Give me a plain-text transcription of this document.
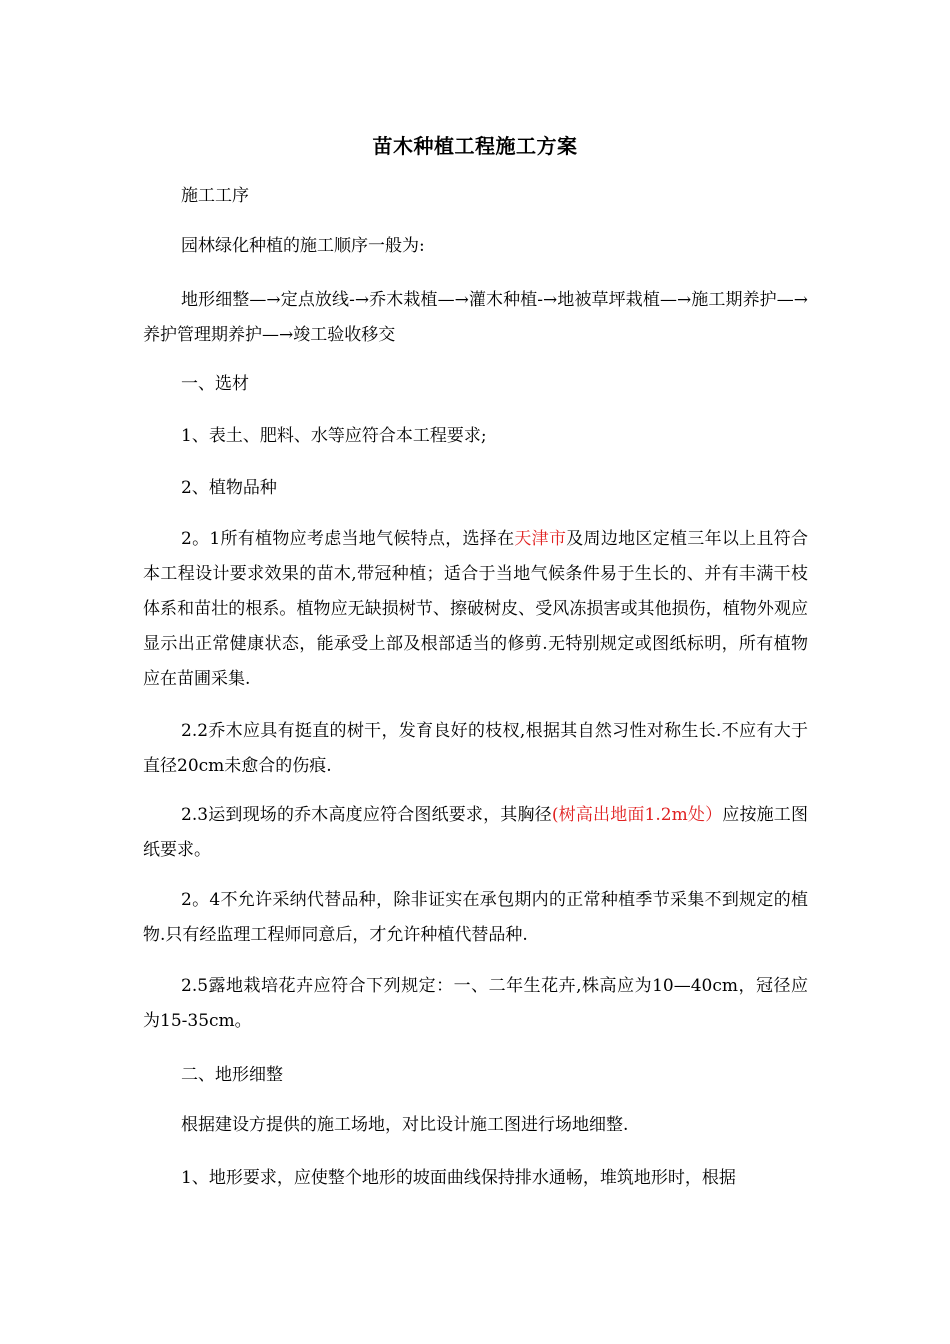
苗木种植工程施工方案

施工工序

园林绿化种植的施工顺序一般为:

地形细整—→定点放线-→乔木栽植—→灌木种植-→地被草坪栽植—→施工期养护—→养护管理期养护—→竣工验收移交

一、选材

1、表土、肥料、水等应符合本工程要求;

2、植物品种

2。1所有植物应考虑当地气候特点，选择在天津市及周边地区定植三年以上且符合本工程设计要求效果的苗木,带冠种植；适合于当地气候条件易于生长的、并有丰满干枝体系和苗壮的根系。植物应无缺损树节、擦破树皮、受风冻损害或其他损伤，植物外观应显示出正常健康状态，能承受上部及根部适当的修剪.无特别规定或图纸标明，所有植物应在苗圃采集.

2.2乔木应具有挺直的树干，发育良好的枝杈,根据其自然习性对称生长.不应有大于直径20cm未愈合的伤痕.

2.3运到现场的乔木高度应符合图纸要求，其胸径(树高出地面1.2m处）应按施工图纸要求。

2。4不允许采纳代替品种，除非证实在承包期内的正常种植季节采集不到规定的植物.只有经监理工程师同意后，才允许种植代替品种.

2.5露地栽培花卉应符合下列规定：一、二年生花卉,株高应为10—40cm，冠径应为15-35cm。

二、地形细整

根据建设方提供的施工场地，对比设计施工图进行场地细整.

1、地形要求，应使整个地形的坡面曲线保持排水通畅，堆筑地形时，根据
